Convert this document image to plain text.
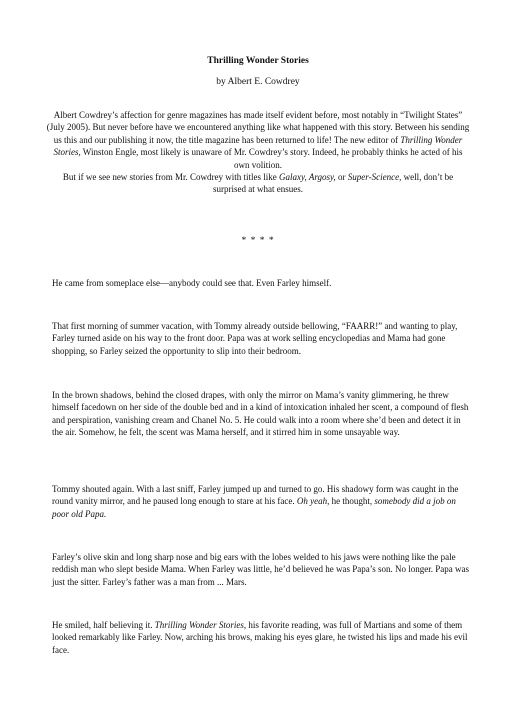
Thrilling Wonder Stories
by Albert E. Cowdrey

Albert Cowdrey’s affection for genre magazines has made itself evident before, most notably in “Twilight States” (July 2005). But never before have we encountered anything like what happened with this story. Between his sending us this and our publishing it now, the title magazine has been returned to life! The new editor of Thrilling Wonder Stories, Winston Engle, most likely is unaware of Mr. Cowdrey’s story. Indeed, he probably thinks he acted of his own volition.

But if we see new stories from Mr. Cowdrey with titles like Galaxy, Argosy, or Super-Science, well, don’t be surprised at what ensues.

* * * *

He came from someplace else—anybody could see that. Even Farley himself.

That first morning of summer vacation, with Tommy already outside bellowing, “FAARR!” and wanting to play, Farley turned aside on his way to the front door. Papa was at work selling encyclopedias and Mama had gone shopping, so Farley seized the opportunity to slip into their bedroom.

In the brown shadows, behind the closed drapes, with only the mirror on Mama’s vanity glimmering, he threw himself facedown on her side of the double bed and in a kind of intoxication inhaled her scent, a compound of flesh and perspiration, vanishing cream and Chanel No. 5. He could walk into a room where she’d been and detect it in the air. Somehow, he felt, the scent was Mama herself, and it stirred him in some unsayable way.

Tommy shouted again. With a last sniff, Farley jumped up and turned to go. His shadowy form was caught in the round vanity mirror, and he paused long enough to stare at his face. Oh yeah, he thought, somebody did a job on poor old Papa.

Farley’s olive skin and long sharp nose and big ears with the lobes welded to his jaws were nothing like the pale reddish man who slept beside Mama. When Farley was little, he’d believed he was Papa’s son. No longer. Papa was just the sitter. Farley’s father was a man from ... Mars.

He smiled, half believing it. Thrilling Wonder Stories, his favorite reading, was full of Martians and some of them looked remarkably like Farley. Now, arching his brows, making his eyes glare, he twisted his lips and made his evil face.
